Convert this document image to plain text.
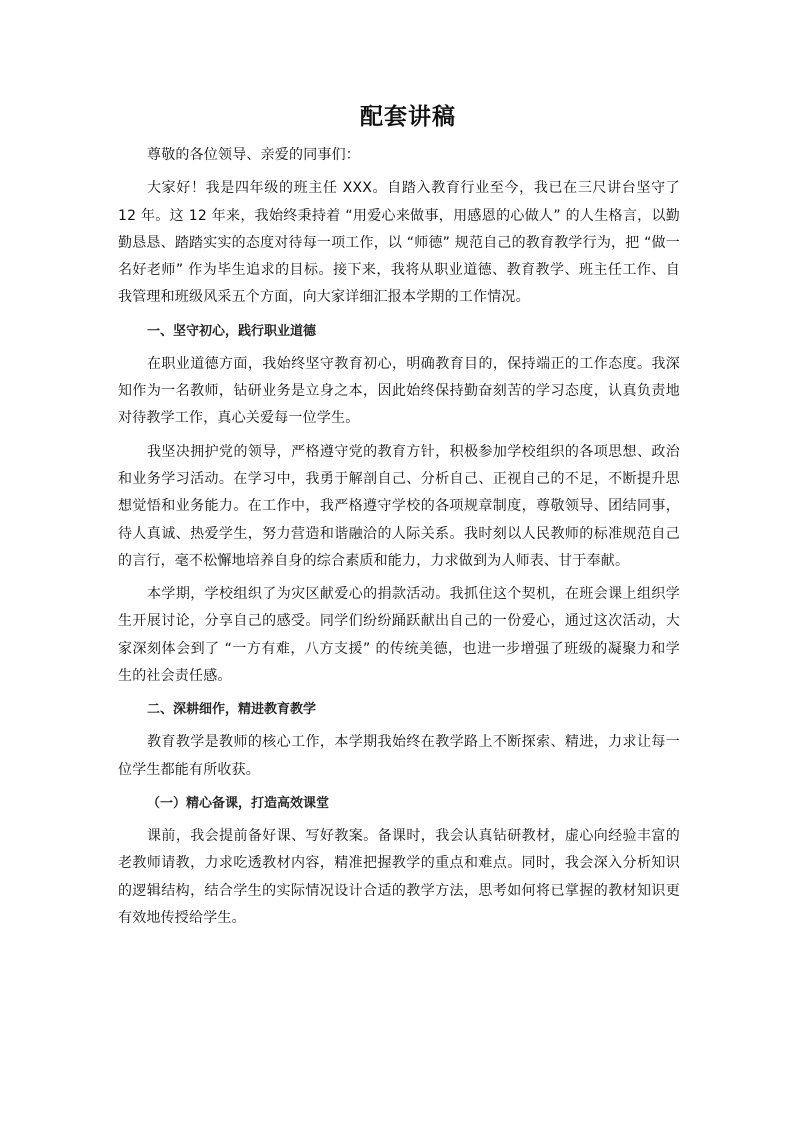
配套讲稿

尊敬的各位领导、亲爱的同事们：

大家好！我是四年级的班主任 XXX。自踏入教育行业至今，我已在三尺讲台坚守了 12 年。这 12 年来，我始终秉持着 “用爱心来做事，用感恩的心做人” 的人生格言，以勤勤恳恳、踏踏实实的态度对待每一项工作，以 “师德” 规范自己的教育教学行为，把 “做一名好老师” 作为毕生追求的目标。接下来，我将从职业道德、教育教学、班主任工作、自我管理和班级风采五个方面，向大家详细汇报本学期的工作情况。

一、坚守初心，践行职业道德

在职业道德方面，我始终坚守教育初心，明确教育目的，保持端正的工作态度。我深知作为一名教师，钻研业务是立身之本，因此始终保持勤奋刻苦的学习态度，认真负责地对待教学工作，真心关爱每一位学生。

我坚决拥护党的领导，严格遵守党的教育方针，积极参加学校组织的各项思想、政治和业务学习活动。在学习中，我勇于解剖自己、分析自己、正视自己的不足，不断提升思想觉悟和业务能力。在工作中，我严格遵守学校的各项规章制度，尊敬领导、团结同事，待人真诚、热爱学生，努力营造和谐融洽的人际关系。我时刻以人民教师的标准规范自己的言行，毫不松懈地培养自身的综合素质和能力，力求做到为人师表、甘于奉献。

本学期，学校组织了为灾区献爱心的捐款活动。我抓住这个契机，在班会课上组织学生开展讨论，分享自己的感受。同学们纷纷踊跃献出自己的一份爱心，通过这次活动，大家深刻体会到了 “一方有难，八方支援” 的传统美德，也进一步增强了班级的凝聚力和学生的社会责任感。

二、深耕细作，精进教育教学

教育教学是教师的核心工作，本学期我始终在教学路上不断探索、精进，力求让每一位学生都能有所收获。

（一）精心备课，打造高效课堂

课前，我会提前备好课、写好教案。备课时，我会认真钻研教材，虚心向经验丰富的老教师请教，力求吃透教材内容，精准把握教学的重点和难点。同时，我会深入分析知识的逻辑结构，结合学生的实际情况设计合适的教学方法，思考如何将已掌握的教材知识更有效地传授给学生。
